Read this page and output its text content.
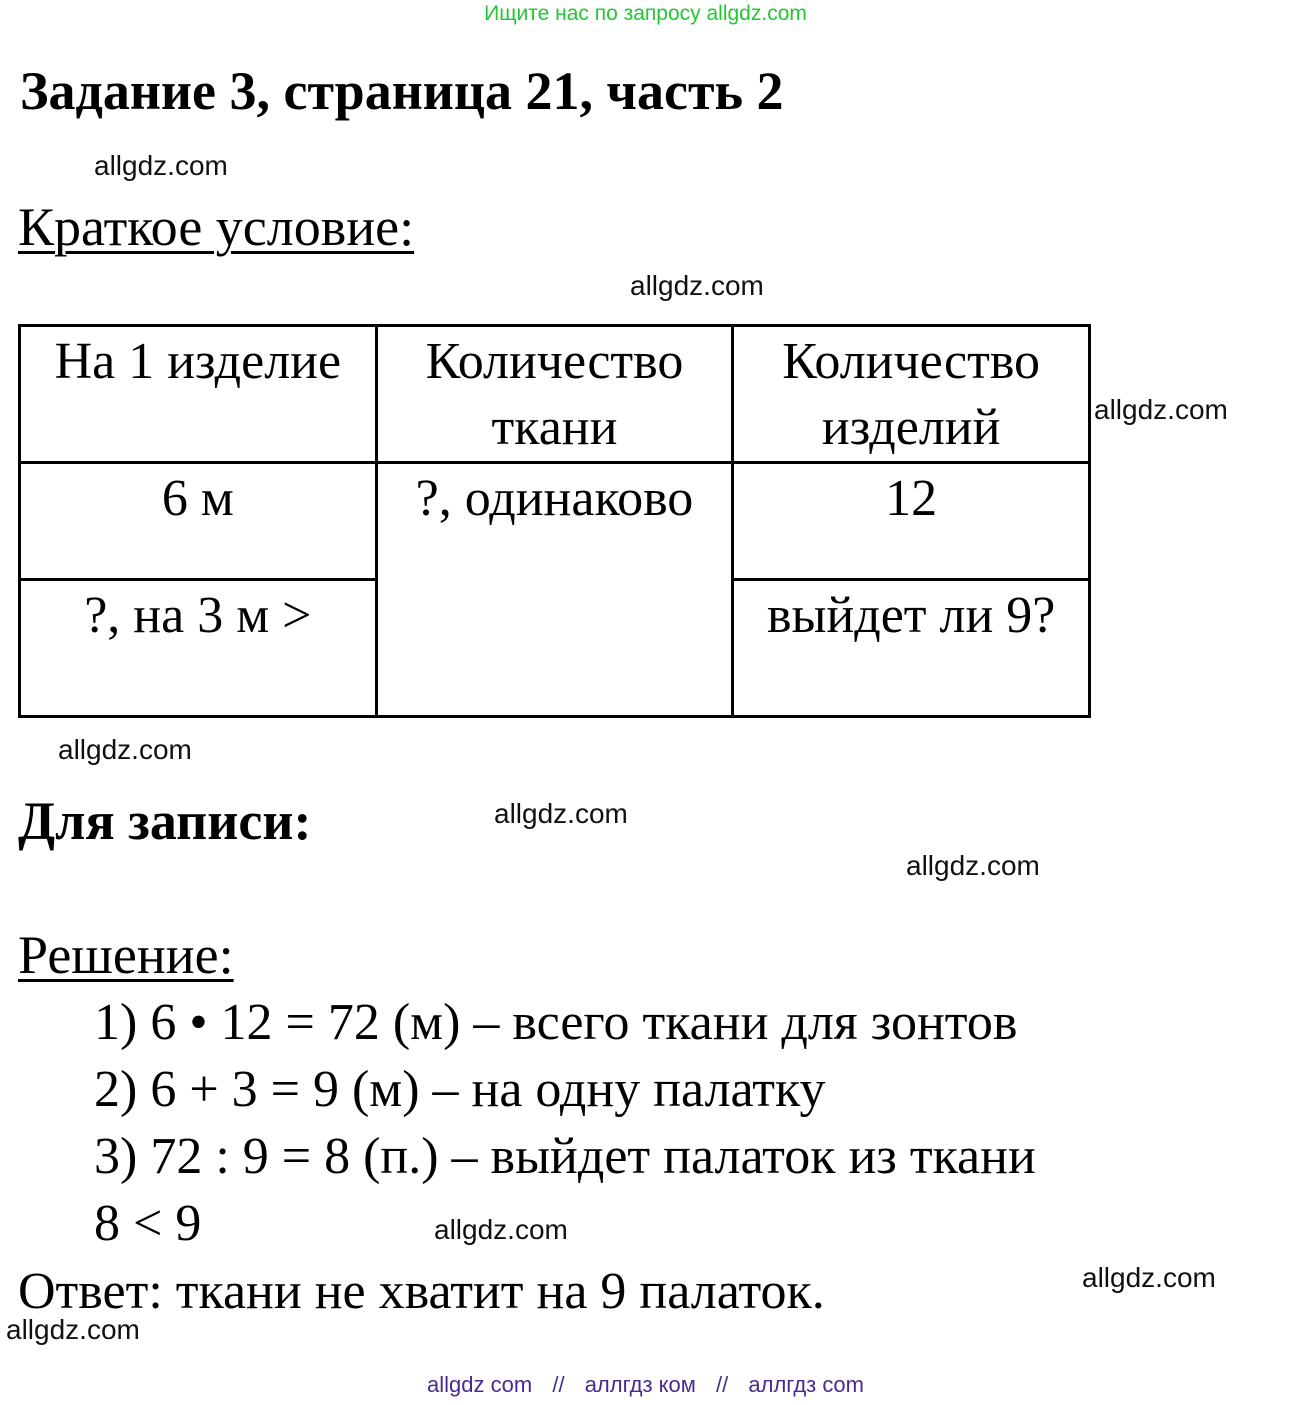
Ищите нас по запросу allgdz.com
Задание 3, страница 21, часть 2
allgdz.com
Краткое условие:
allgdz.com
На 1 изделие	Количество ткани	Количество изделий
6 м	?, одинаково	12
?, на 3 м >		выйдет ли 9?
allgdz.com
allgdz.com
Для записи:	allgdz.com
allgdz.com
Решение:
1) 6 • 12 = 72 (м) – всего ткани для зонтов
2) 6 + 3 = 9 (м) – на одну палатку
3) 72 : 9 = 8 (п.) – выйдет палаток из ткани
8 < 9	allgdz.com
Ответ: ткани не хватит на 9 палаток.	allgdz.com
allgdz.com
allgdz com // аллгдз ком // аллгдз com
